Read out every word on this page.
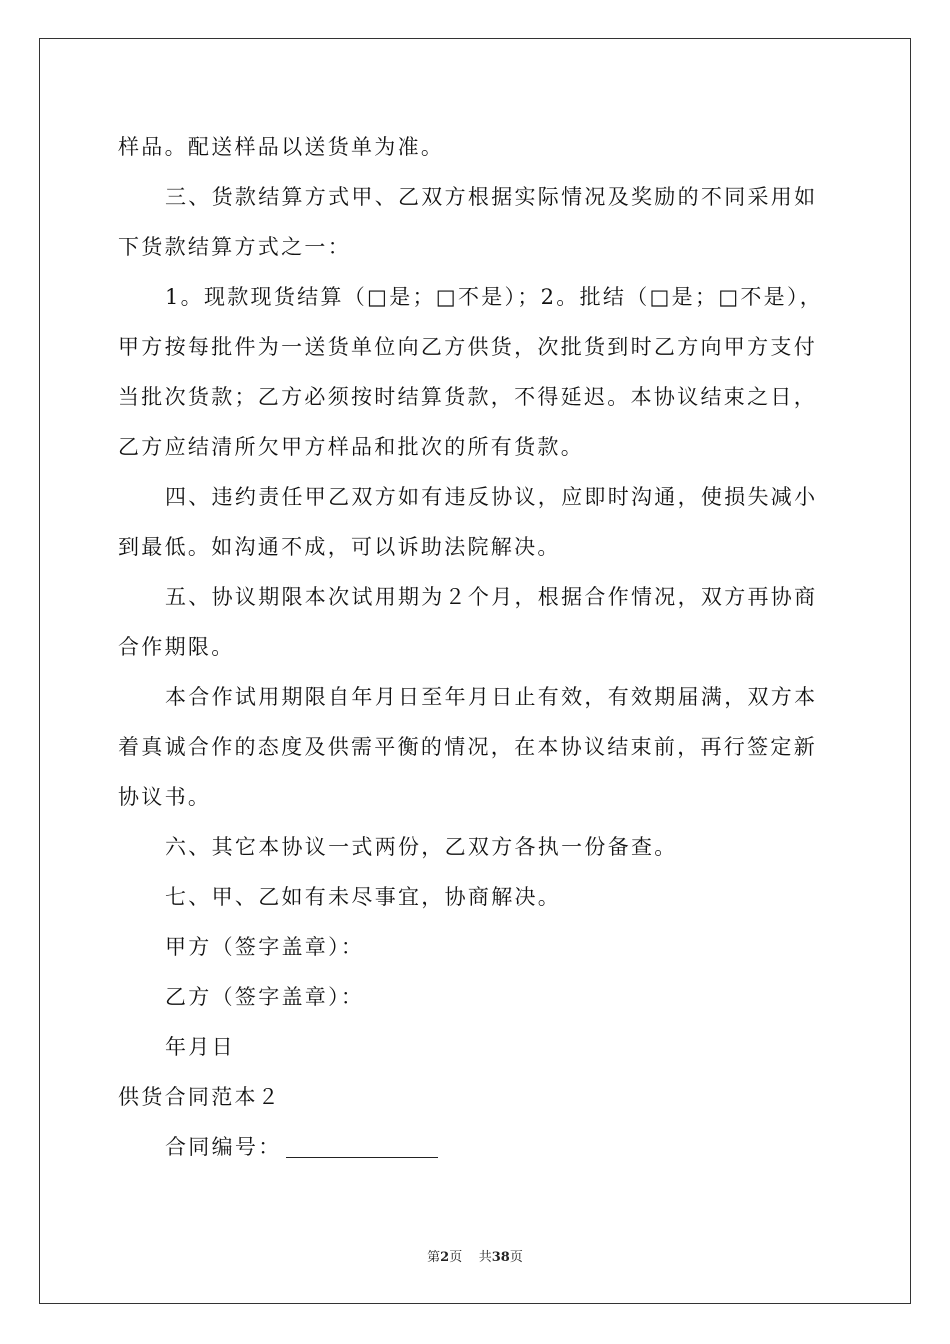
样品。配送样品以送货单为准。
三、货款结算方式甲、乙双方根据实际情况及奖励的不同采用如
下货款结算方式之一：
1。现款现货结算（□是；□不是）；2。批结（□是；□不是），
甲方按每批件为一送货单位向乙方供货，次批货到时乙方向甲方支付
当批次货款；乙方必须按时结算货款，不得延迟。本协议结束之日，
乙方应结清所欠甲方样品和批次的所有货款。
四、违约责任甲乙双方如有违反协议，应即时沟通，使损失减小
到最低。如沟通不成，可以诉助法院解决。
五、协议期限本次试用期为２个月，根据合作情况，双方再协商
合作期限。
本合作试用期限自年月日至年月日止有效，有效期届满，双方本
着真诚合作的态度及供需平衡的情况，在本协议结束前，再行签定新
协议书。
六、其它本协议一式两份，乙双方各执一份备查。
七、甲、乙如有未尽事宜，协商解决。
甲方（签字盖章）：
乙方（签字盖章）：
年月日
供货合同范本２
合同编号：
第2页 共38页
